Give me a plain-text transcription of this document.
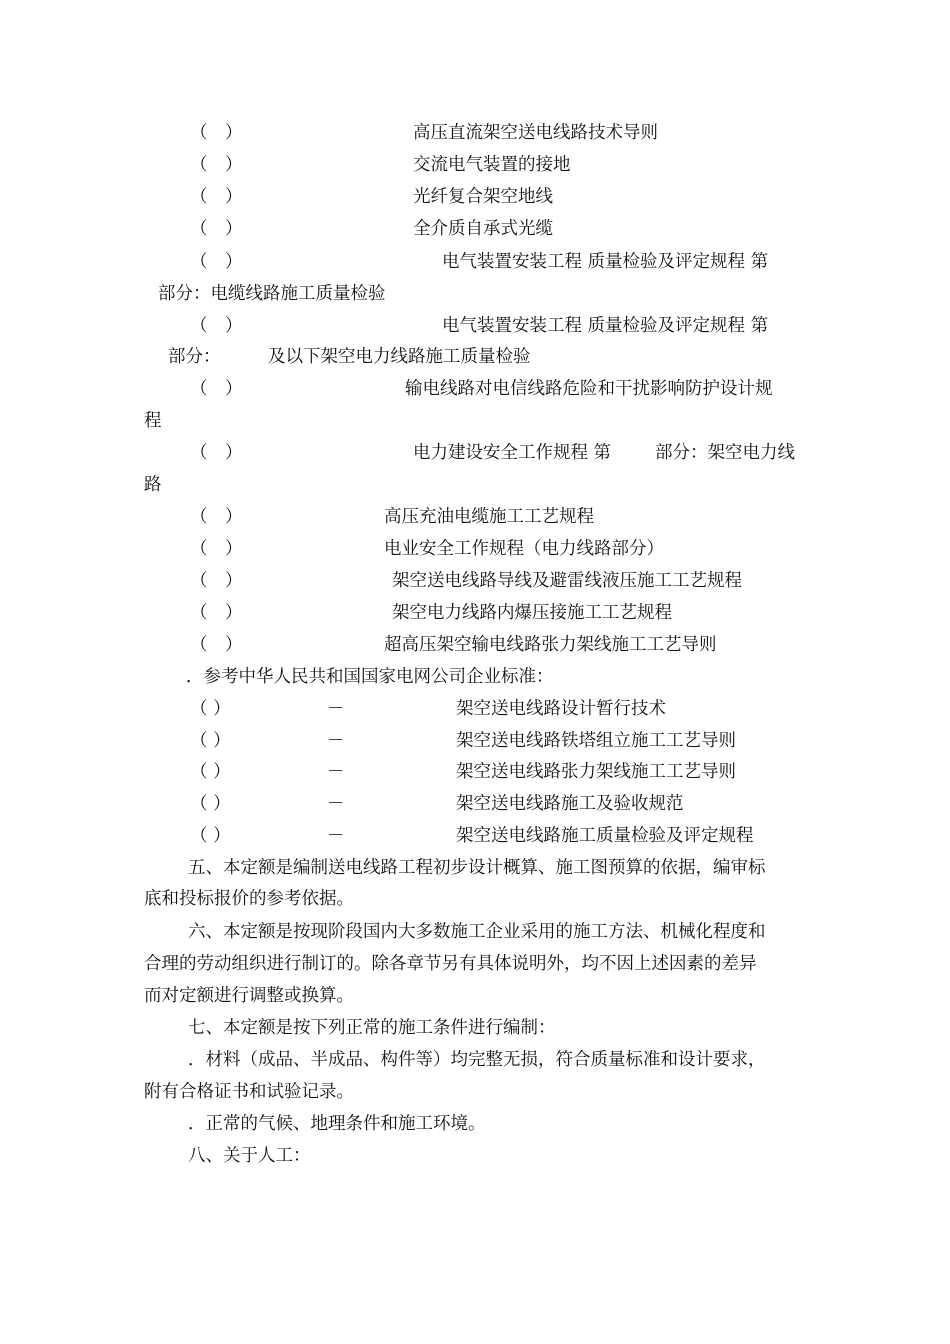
（　）	高压直流架空送电线路技术导则
（　）	交流电气装置的接地
（　）	光纤复合架空地线
（　）	全介质自承式光缆
（　）	电气装置安装工程 质量检验及评定规程 第
部分：电缆线路施工质量检验
（　）	电气装置安装工程 质量检验及评定规程 第
部分：	及以下架空电力线路施工质量检验
（　）	输电线路对电信线路危险和干扰影响防护设计规
程
（　）	电力建设安全工作规程 第	部分：架空电力线
路
（　）	高压充油电缆施工工艺规程
（　）	电业安全工作规程（电力线路部分）
（　）	架空送电线路导线及避雷线液压施工工艺规程
（　）	架空电力线路内爆压接施工工艺规程
（　）	超高压架空输电线路张力架线施工工艺导则
．参考中华人民共和国国家电网公司企业标准：
（ ）	－	架空送电线路设计暂行技术
（ ）	－	架空送电线路铁塔组立施工工艺导则
（ ）	－	架空送电线路张力架线施工工艺导则
（ ）	－	架空送电线路施工及验收规范
（ ）	－	架空送电线路施工质量检验及评定规程
五、本定额是编制送电线路工程初步设计概算、施工图预算的依据，编审标
底和投标报价的参考依据。
六、本定额是按现阶段国内大多数施工企业采用的施工方法、机械化程度和
合理的劳动组织进行制订的。除各章节另有具体说明外，均不因上述因素的差异
而对定额进行调整或换算。
七、本定额是按下列正常的施工条件进行编制：
．材料（成品、半成品、构件等）均完整无损，符合质量标准和设计要求，
附有合格证书和试验记录。
．正常的气候、地理条件和施工环境。
八、关于人工：
